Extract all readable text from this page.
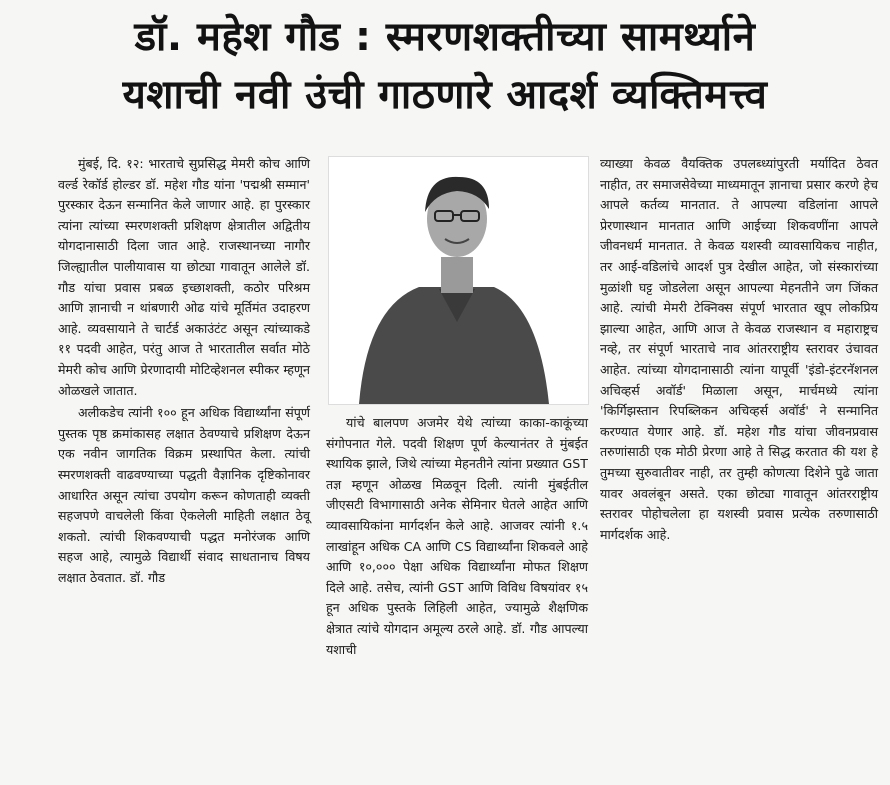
डॉ. महेश गौड : स्मरणशक्तीच्या सामर्थ्याने
यशाची नवी उंची गाठणारे आदर्श व्यक्तिमत्त्व

मुंबई, दि. १२: भारताचे सुप्रसिद्ध मेमरी कोच आणि वर्ल्ड रेकॉर्ड होल्डर डॉ. महेश गौड यांना 'पद्मश्री सम्मान' पुरस्कार देऊन सन्मानित केले जाणार आहे. हा पुरस्कार त्यांना त्यांच्या स्मरणशक्ती प्रशिक्षण क्षेत्रातील अद्वितीय योगदानासाठी दिला जात आहे. राजस्थानच्या नागौर जिल्ह्यातील पालीयावास या छोट्या गावातून आलेले डॉ. गौड यांचा प्रवास प्रबळ इच्छाशक्ती, कठोर परिश्रम आणि ज्ञानाची न थांबणारी ओढ यांचे मूर्तिमंत उदाहरण आहे. व्यवसायाने ते चार्टर्ड अकाउंटंट असून त्यांच्याकडे ११ पदवी आहेत, परंतु आज ते भारतातील सर्वात मोठे मेमरी कोच आणि प्रेरणादायी मोटिव्हेशनल स्पीकर म्हणून ओळखले जातात.

अलीकडेच त्यांनी १०० हून अधिक विद्यार्थ्यांना संपूर्ण पुस्तक पृष्ठ क्रमांकासह लक्षात ठेवण्याचे प्रशिक्षण देऊन एक नवीन जागतिक विक्रम प्रस्थापित केला. त्यांची स्मरणशक्ती वाढवण्याच्या पद्धती वैज्ञानिक दृष्टिकोनावर आधारित असून त्यांचा उपयोग करून कोणताही व्यक्ती सहजपणे वाचलेली किंवा ऐकलेली माहिती लक्षात ठेवू शकतो. त्यांची शिकवण्याची पद्धत मनोरंजक आणि सहज आहे, त्यामुळे विद्यार्थी संवाद साधतानाच विषय लक्षात ठेवतात. डॉ. गौड

यांचे बालपण अजमेर येथे त्यांच्या काका-काकूंच्या संगोपनात गेले. पदवी शिक्षण पूर्ण केल्यानंतर ते मुंबईत स्थायिक झाले, जिथे त्यांच्या मेहनतीने त्यांना प्रख्यात GST तज्ञ म्हणून ओळख मिळवून दिली. त्यांनी मुंबईतील जीएसटी विभागासाठी अनेक सेमिनार घेतले आहेत आणि व्यावसायिकांना मार्गदर्शन केले आहे. आजवर त्यांनी १.५ लाखांहून अधिक CA आणि CS विद्यार्थ्यांना शिकवले आहे आणि १०,००० पेक्षा अधिक विद्यार्थ्यांना मोफत शिक्षण दिले आहे. तसेच, त्यांनी GST आणि विविध विषयांवर १५ हून अधिक पुस्तके लिहिली आहेत, ज्यामुळे शैक्षणिक क्षेत्रात त्यांचे योगदान अमूल्य ठरले आहे. डॉ. गौड आपल्या यशाची

व्याख्या केवळ वैयक्तिक उपलब्ध्यांपुरती मर्यादित ठेवत नाहीत, तर समाजसेवेच्या माध्यमातून ज्ञानाचा प्रसार करणे हेच आपले कर्तव्य मानतात. ते आपल्या वडिलांना आपले प्रेरणास्थान मानतात आणि आईच्या शिकवणींना आपले जीवनधर्म मानतात. ते केवळ यशस्वी व्यावसायिकच नाहीत, तर आई-वडिलांचे आदर्श पुत्र देखील आहेत, जो संस्कारांच्या मुळांशी घट्ट जोडलेला असून आपल्या मेहनतीने जग जिंकत आहे. त्यांची मेमरी टेक्निक्स संपूर्ण भारतात खूप लोकप्रिय झाल्या आहेत, आणि आज ते केवळ राजस्थान व महाराष्ट्रच नव्हे, तर संपूर्ण भारताचे नाव आंतरराष्ट्रीय स्तरावर उंचावत आहेत. त्यांच्या योगदानासाठी त्यांना यापूर्वी 'इंडो-इंटरनॅशनल अचिव्हर्स अवॉर्ड' मिळाला असून, मार्चमध्ये त्यांना 'किर्गिझस्तान रिपब्लिकन अचिव्हर्स अवॉर्ड' ने सन्मानित करण्यात येणार आहे. डॉ. महेश गौड यांचा जीवनप्रवास तरुणांसाठी एक मोठी प्रेरणा आहे ते सिद्ध करतात की यश हे तुमच्या सुरुवातीवर नाही, तर तुम्ही कोणत्या दिशेने पुढे जाता यावर अवलंबून असते. एका छोट्या गावातून आंतरराष्ट्रीय स्तरावर पोहोचलेला हा यशस्वी प्रवास प्रत्येक तरुणासाठी मार्गदर्शक आहे.
